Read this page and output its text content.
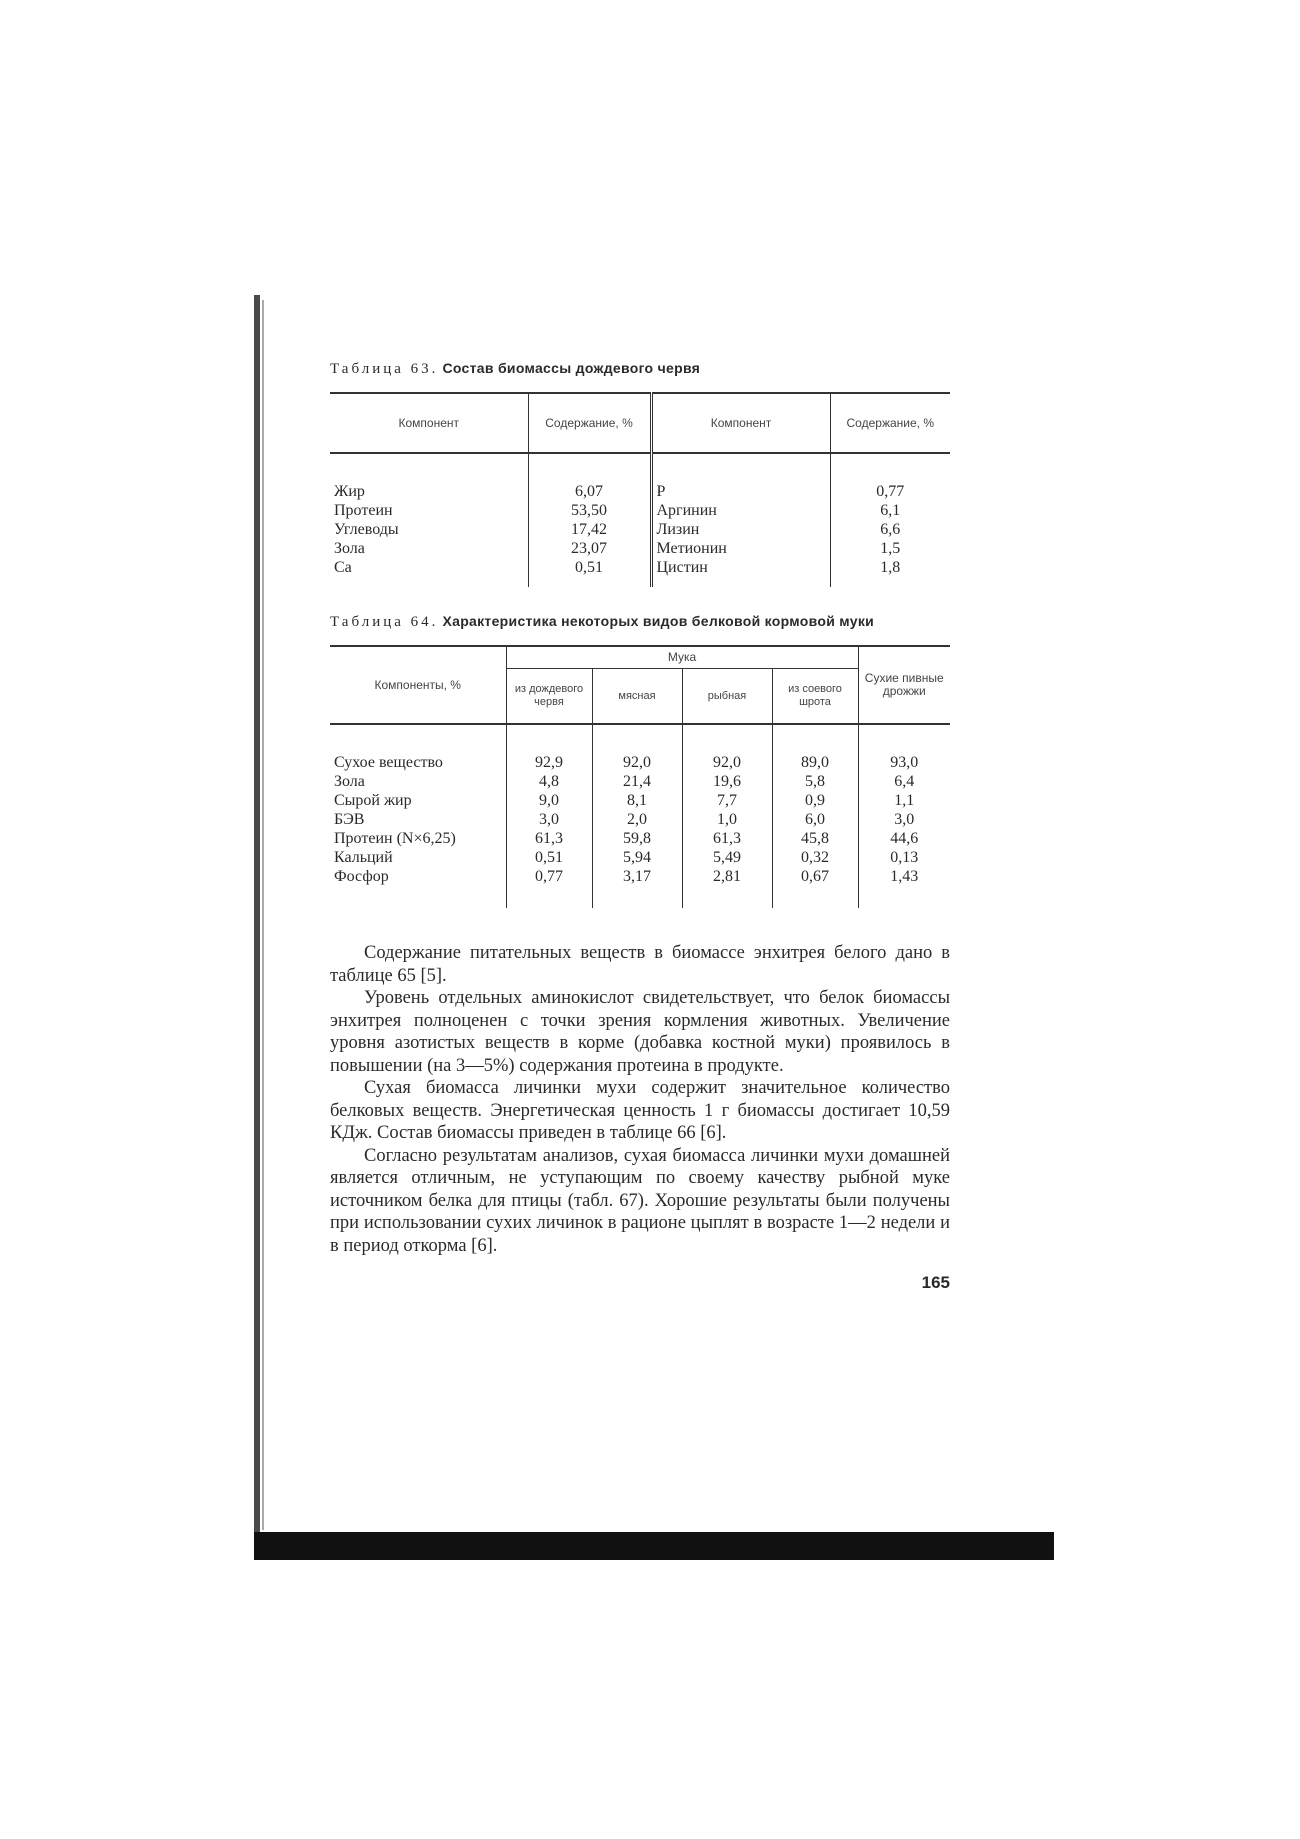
Таблица 63. Состав биомассы дождевого червя
Компонент	Содержание, %	Компонент	Содержание, %
Жир	6,07	P	0,77
Протеин	53,50	Аргинин	6,1
Углеводы	17,42	Лизин	6,6
Зола	23,07	Метионин	1,5
Ca	0,51	Цистин	1,8
Таблица 64. Характеристика некоторых видов белковой кормовой муки
Компоненты, %	Мука				Сухие пивные дрожжи
	из дождевого червя	мясная	рыбная	из соевого шрота	
Сухое вещество	92,9	92,0	92,0	89,0	93,0
Зола	4,8	21,4	19,6	5,8	6,4
Сырой жир	9,0	8,1	7,7	0,9	1,1
БЭВ	3,0	2,0	1,0	6,0	3,0
Протеин (N×6,25)	61,3	59,8	61,3	45,8	44,6
Кальций	0,51	5,94	5,49	0,32	0,13
Фосфор	0,77	3,17	2,81	0,67	1,43

Содержание питательных веществ в биомассе энхитрея белого дано в таблице 65 [5].

Уровень отдельных аминокислот свидетельствует, что белок биомассы энхитрея полноценен с точки зрения кормления животных. Увеличение уровня азотистых веществ в корме (добавка костной муки) проявилось в повышении (на 3—5%) содержания протеина в продукте.

Сухая биомасса личинки мухи содержит значительное количество белковых веществ. Энергетическая ценность 1 г биомассы достигает 10,59 КДж. Состав биомассы приведен в таблице 66 [6].

Согласно результатам анализов, сухая биомасса личинки мухи домашней является отличным, не уступающим по своему качеству рыбной муке источником белка для птицы (табл. 67). Хорошие результаты были получены при использовании сухих личинок в рационе цыплят в возрасте 1—2 недели и в период откорма [6].

165
